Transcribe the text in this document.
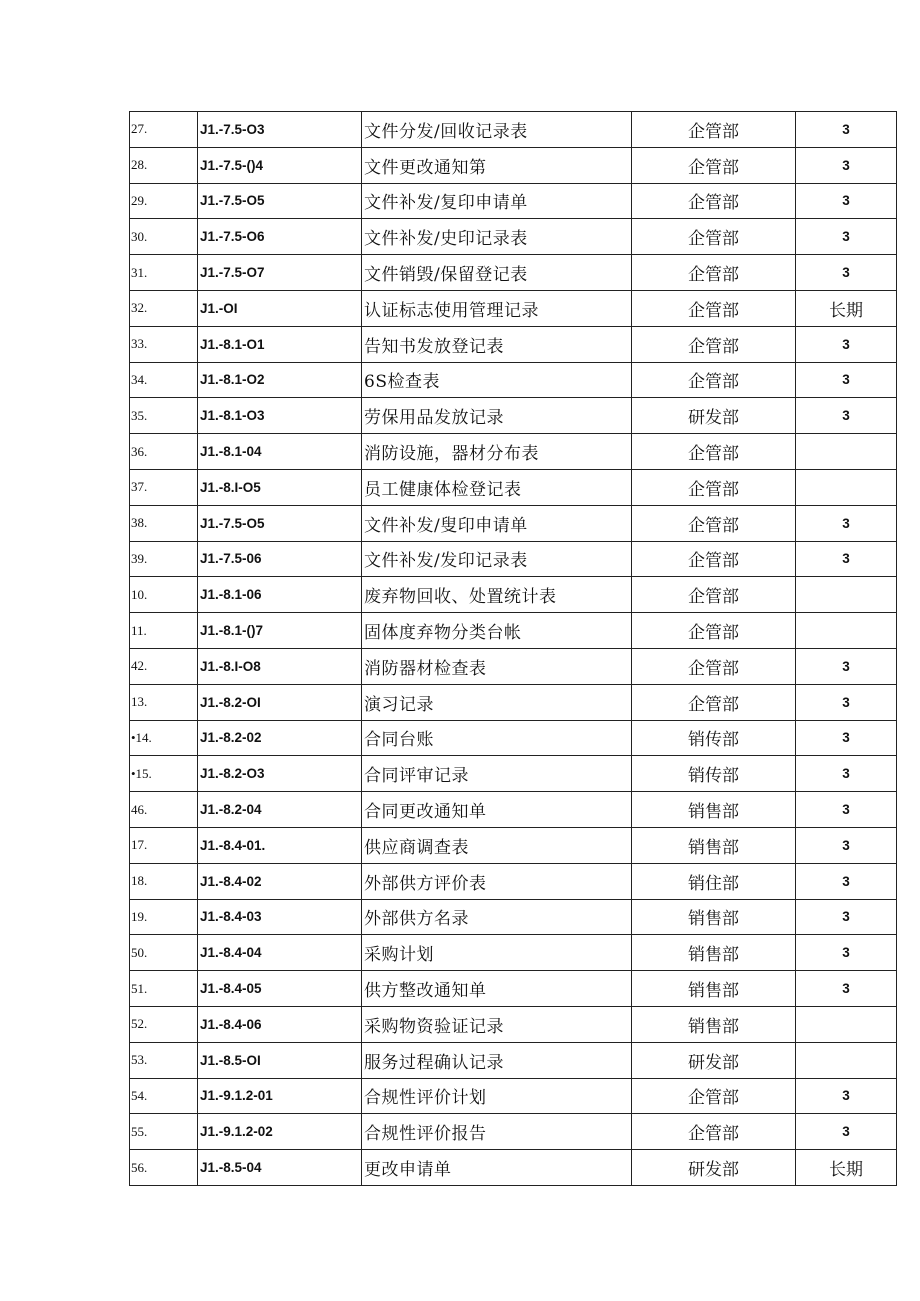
27.	J1.-7.5-O3	文件分发/回收记录表	企管部	3
28.	J1.-7.5-()4	文件更改通知第	企管部	3
29.	J1.-7.5-O5	文件补发/复印申请单	企管部	3
30.	J1.-7.5-O6	文件补发/史印记录表	企管部	3
31.	J1.-7.5-O7	文件销毁/保留登记表	企管部	3
32.	J1.-OI	认证标志使用管理记录	企管部	长期
33.	J1.-8.1-O1	告知书发放登记表	企管部	3
34.	J1.-8.1-O2	6S检查表	企管部	3
35.	J1.-8.1-O3	劳保用品发放记录	研发部	3
36.	J1.-8.1-04	消防设施，器材分布表	企管部	
37.	J1.-8.I-O5	员工健康体检登记表	企管部	
38.	J1.-7.5-O5	文件补发/叟印申请单	企管部	3
39.	J1.-7.5-06	文件补发/发印记录表	企管部	3
10.	J1.-8.1-06	废弃物回收、处置统计表	企管部	
11.	J1.-8.1-()7	固体度弃物分类台帐	企管部	
42.	J1.-8.I-O8	消防器材检查表	企管部	3
13.	J1.-8.2-OI	演习记录	企管部	3
•14.	J1.-8.2-02	合同台账	销传部	3
•15.	J1.-8.2-O3	合同评审记录	销传部	3
46.	J1.-8.2-04	合同更改通知单	销售部	3
17.	J1.-8.4-01.	供应商调查表	销售部	3
18.	J1.-8.4-02	外部供方评价表	销住部	3
19.	J1.-8.4-03	外部供方名录	销售部	3
50.	J1.-8.4-04	采购计划	销售部	3
51.	J1.-8.4-05	供方整改通知单	销售部	3
52.	J1.-8.4-06	采购物资验证记录	销售部	
53.	J1.-8.5-OI	服务过程确认记录	研发部	
54.	J1.-9.1.2-01	合规性评价计划	企管部	3
55.	J1.-9.1.2-02	合规性评价报告	企管部	3
56.	J1.-8.5-04	更改申请单	研发部	长期
